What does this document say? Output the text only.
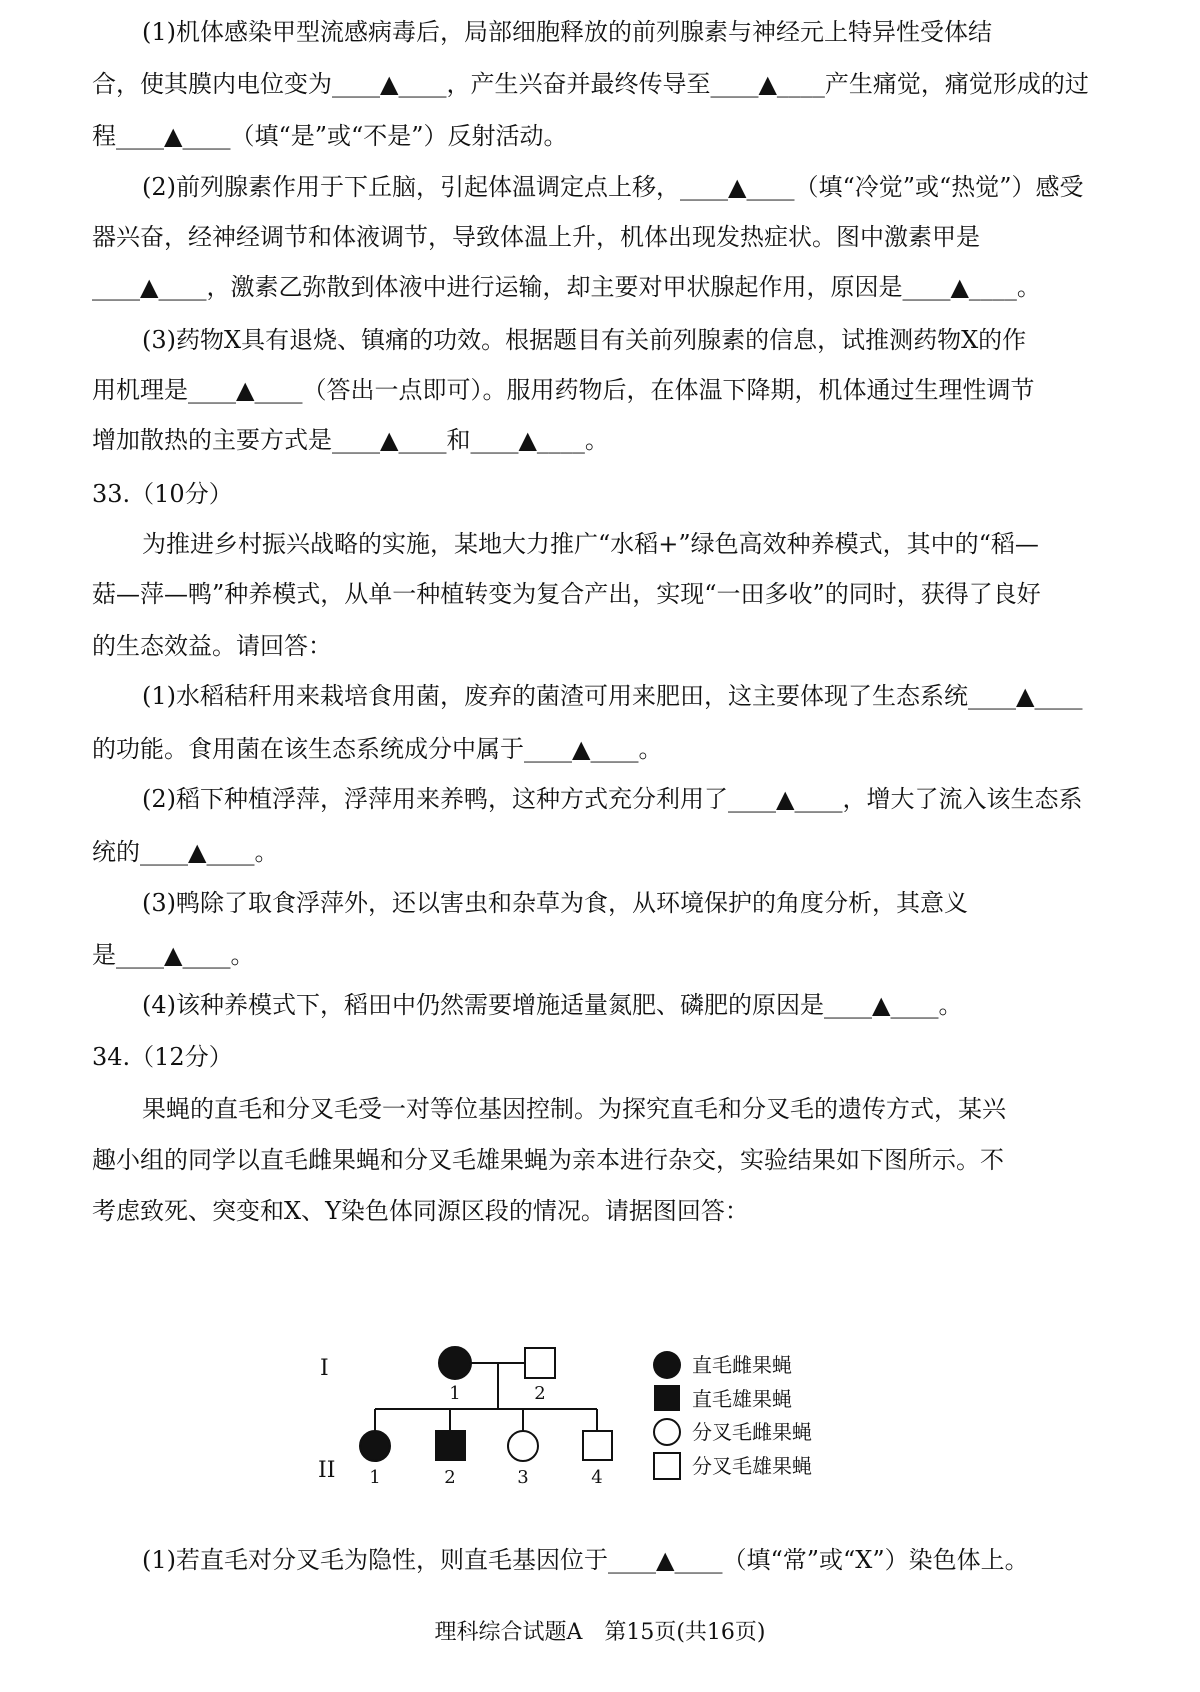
(1)机体感染甲型流感病毒后，局部细胞释放的前列腺素与神经元上特异性受体结
合，使其膜内电位变为____▲____，产生兴奋并最终传导至____▲____产生痛觉，痛觉形成的过
程____▲____（填“是”或“不是”）反射活动。
(2)前列腺素作用于下丘脑，引起体温调定点上移，____▲____（填“冷觉”或“热觉”）感受
器兴奋，经神经调节和体液调节，导致体温上升，机体出现发热症状。图中激素甲是
____▲____，激素乙弥散到体液中进行运输，却主要对甲状腺起作用，原因是____▲____。
(3)药物X具有退烧、镇痛的功效。根据题目有关前列腺素的信息，试推测药物X的作
用机理是____▲____（答出一点即可）。服用药物后，在体温下降期，机体通过生理性调节
增加散热的主要方式是____▲____和____▲____。
33.（10分）
为推进乡村振兴战略的实施，某地大力推广“水稻+”绿色高效种养模式，其中的“稻—
菇—萍—鸭”种养模式，从单一种植转变为复合产出，实现“一田多收”的同时，获得了良好
的生态效益。请回答：
(1)水稻秸秆用来栽培食用菌，废弃的菌渣可用来肥田，这主要体现了生态系统____▲____
的功能。食用菌在该生态系统成分中属于____▲____。
(2)稻下种植浮萍，浮萍用来养鸭，这种方式充分利用了____▲____，增大了流入该生态系
统的____▲____。
(3)鸭除了取食浮萍外，还以害虫和杂草为食，从环境保护的角度分析，其意义
是____▲____。
(4)该种养模式下，稻田中仍然需要增施适量氮肥、磷肥的原因是____▲____。
34.（12分）
果蝇的直毛和分叉毛受一对等位基因控制。为探究直毛和分叉毛的遗传方式，某兴
趣小组的同学以直毛雌果蝇和分叉毛雄果蝇为亲本进行杂交，实验结果如下图所示。不
考虑致死、突变和X、Y染色体同源区段的情况。请据图回答：
I
II
1	2
1	2	3	4
直毛雌果蝇
直毛雄果蝇
分叉毛雌果蝇
分叉毛雄果蝇
(1)若直毛对分叉毛为隐性，则直毛基因位于____▲____（填“常”或“X”）染色体上。
理科综合试题A　第15页(共16页)
